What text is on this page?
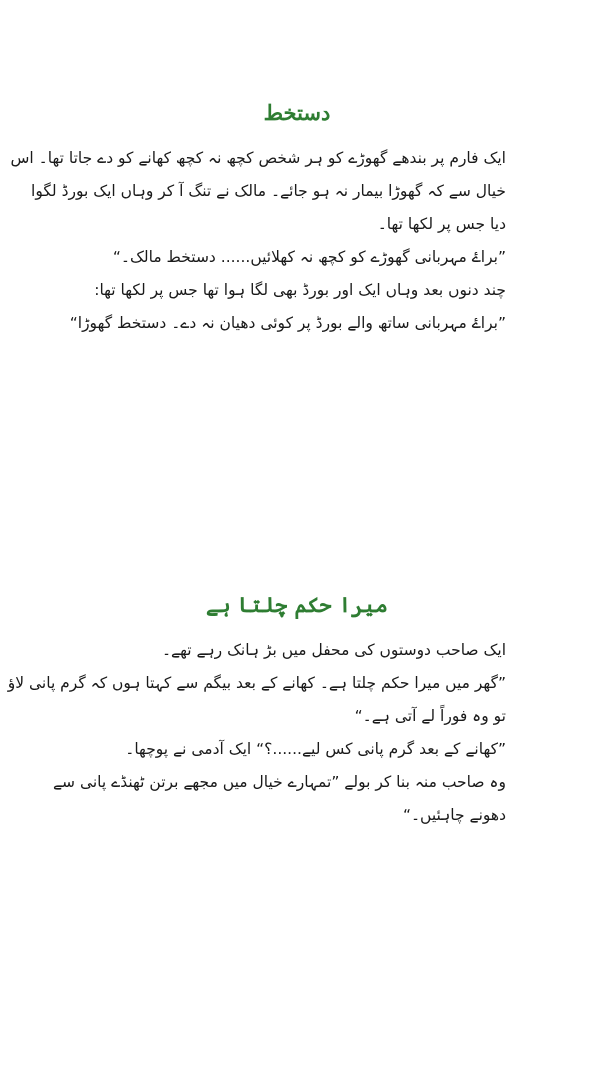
دستخط
ایک فارم پر بندھے گھوڑے کو ہر شخص کچھ نہ کچھ کھانے کو دے جاتا تھا۔ اس
خیال سے کہ گھوڑا بیمار نہ ہو جائے۔ مالک نے تنگ آ کر وہاں ایک بورڈ لگوا
دیا جس پر لکھا تھا۔
”براۓ مہربانی گھوڑے کو کچھ نہ کھلائیں...... دستخط مالک۔“
چند دنوں بعد وہاں ایک اور بورڈ بھی لگا ہوا تھا جس پر لکھا تھا:
”براۓ مہربانی ساتھ والے بورڈ پر کوئی دھیان نہ دے۔ دستخط گھوڑا“
میرا حکم چلتا ہے
ایک صاحب دوستوں کی محفل میں بڑ ہانک رہے تھے۔
”گھر میں میرا حکم چلتا ہے۔ کھانے کے بعد بیگم سے کہتا ہوں کہ گرم پانی لاؤ
تو وہ فوراً لے آتی ہے۔“
”کھانے کے بعد گرم پانی کس لیے......؟“ ایک آدمی نے پوچھا۔
وہ صاحب منہ بنا کر بولے ”تمہارے خیال میں مجھے برتن ٹھنڈے پانی سے
دھونے چاہئیں۔“
